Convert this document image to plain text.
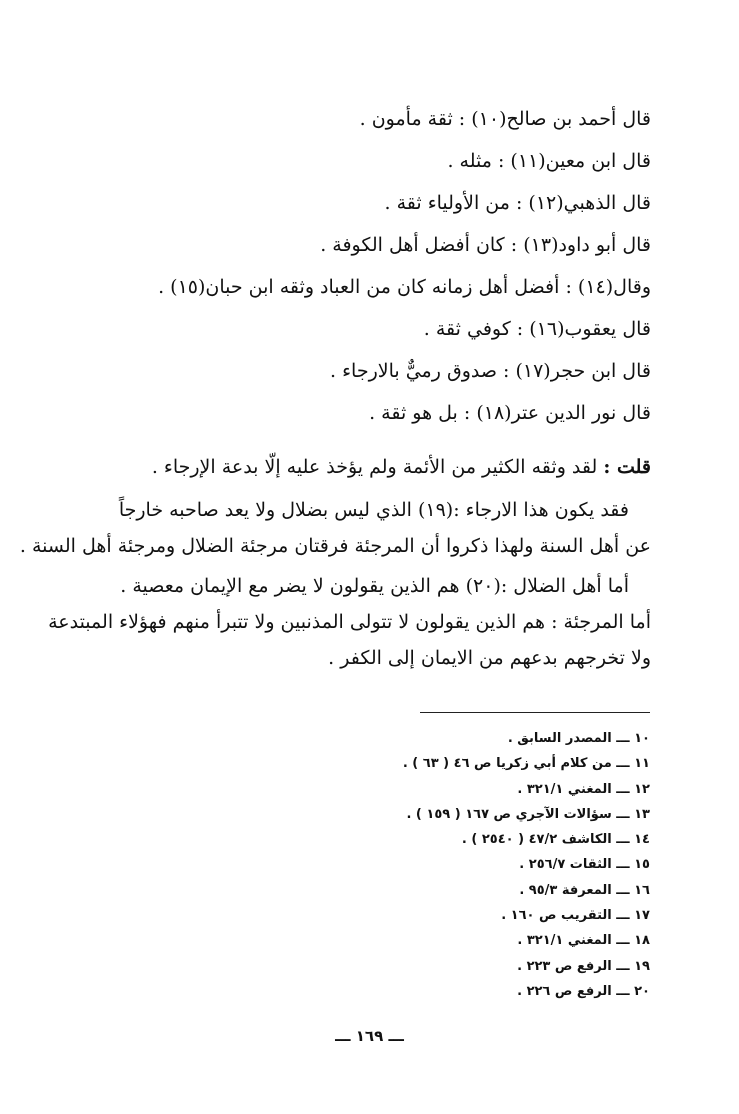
قال أحمد بن صالح(١٠) : ثقة مأمون .

قال ابن معين(١١) : مثله .

قال الذهبي(١٢) : من الأولياء ثقة .

قال أبو داود(١٣) : كان أفضل أهل الكوفة .

وقال(١٤) : أفضل أهل زمانه كان من العباد وثقه ابن حبان(١٥) .

قال يعقوب(١٦) : كوفي ثقة .

قال ابن حجر(١٧) : صدوق رميٌّ بالارجاء .

قال نور الدين عتر(١٨) : بل هو ثقة .

قلت : لقد وثقه الكثير من الأئمة ولم يؤخذ عليه إلّا بدعة الإرجاء .

فقد يكون هذا الارجاء :(١٩) الذي ليس بضلال ولا يعد صاحبه خارجاً

عن أهل السنة ولهذا ذكروا أن المرجئة فرقتان مرجئة الضلال ومرجئة أهل السنة .

أما أهل الضلال :(٢٠) هم الذين يقولون لا يضر مع الإيمان معصية .

أما المرجئة : هم الذين يقولون لا تتولى المذنبين ولا تتبرأ منهم فهؤلاء المبتدعة

ولا تخرجهم بدعهم من الايمان إلى الكفر .

١٠ ـــ المصدر السابق .
١١ ـــ من كلام أبي زكريا ص ٤٦ ( ٦٣ ) .
١٢ ـــ المغني ٣٢١/١ .
١٣ ـــ سؤالات الآجري ص ١٦٧ ( ١٥٩ ) .
١٤ ـــ الكاشف ٤٧/٢ ( ٢٥٤٠ ) .
١٥ ـــ الثقات ٢٥٦/٧ .
١٦ ـــ المعرفة ٩٥/٣ .
١٧ ـــ التقريب ص ١٦٠ .
١٨ ـــ المغني ٣٢١/١ .
١٩ ـــ الرفع ص ٢٢٣ .
٢٠ ـــ الرفع ص ٢٢٦ .
ـــ ١٦٩ ـــ
